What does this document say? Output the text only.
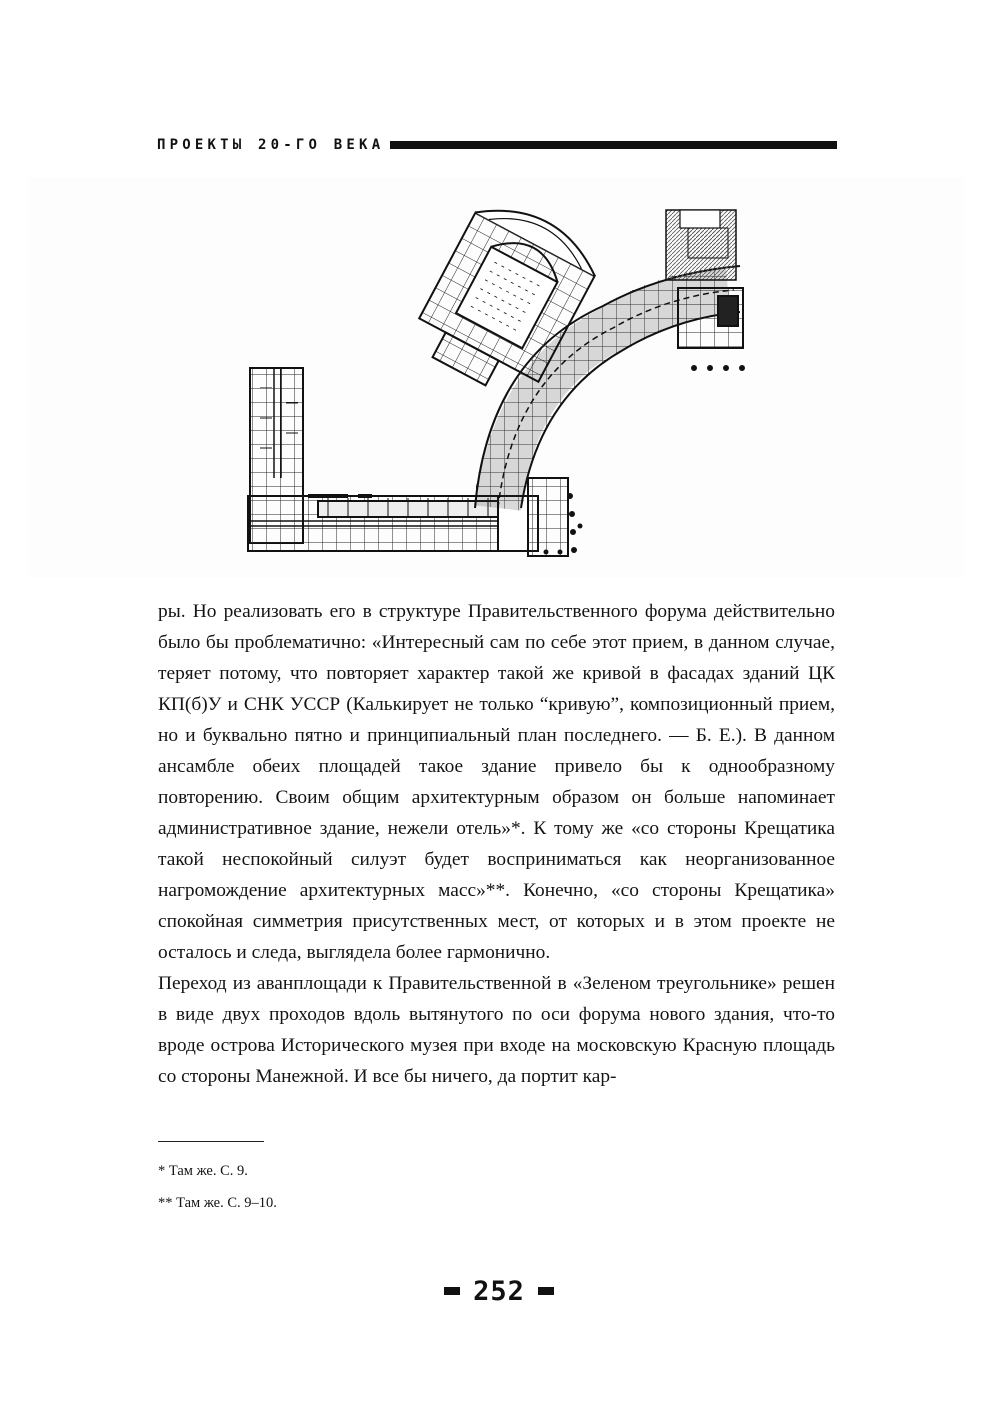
ПРОЕКТЫ 20-ГО ВЕКА

ры. Но реализовать его в структуре Правительственного форума действительно было бы проблематично: «Интересный сам по себе этот прием, в данном случае, теряет потому, что повторяет характер такой же кривой в фасадах зданий ЦК КП(б)У и СНК УССР (Калькирует не только “кривую”, композиционный прием, но и буквально пятно и принципиальный план последнего. — Б. Е.). В данном ансамбле обеих площадей такое здание привело бы к однообразному повторению. Своим общим архитектурным образом он больше напоминает административное здание, нежели отель»*. К тому же «со стороны Крещатика такой неспокойный силуэт будет восприниматься как неорганизованное нагромождение архитектурных масс»**. Конечно, «со стороны Крещатика» спокойная симметрия присутственных мест, от которых и в этом проекте не осталось и следа, выглядела более гармонично.

Переход из аванплощади к Правительственной в «Зеленом треугольнике» решен в виде двух проходов вдоль вытянутого по оси форума нового здания, что-то вроде острова Исторического музея при входе на московскую Красную площадь со стороны Манежной. И все бы ничего, да портит кар-

* Там же. С. 9.
** Там же. С. 9–10.
252
